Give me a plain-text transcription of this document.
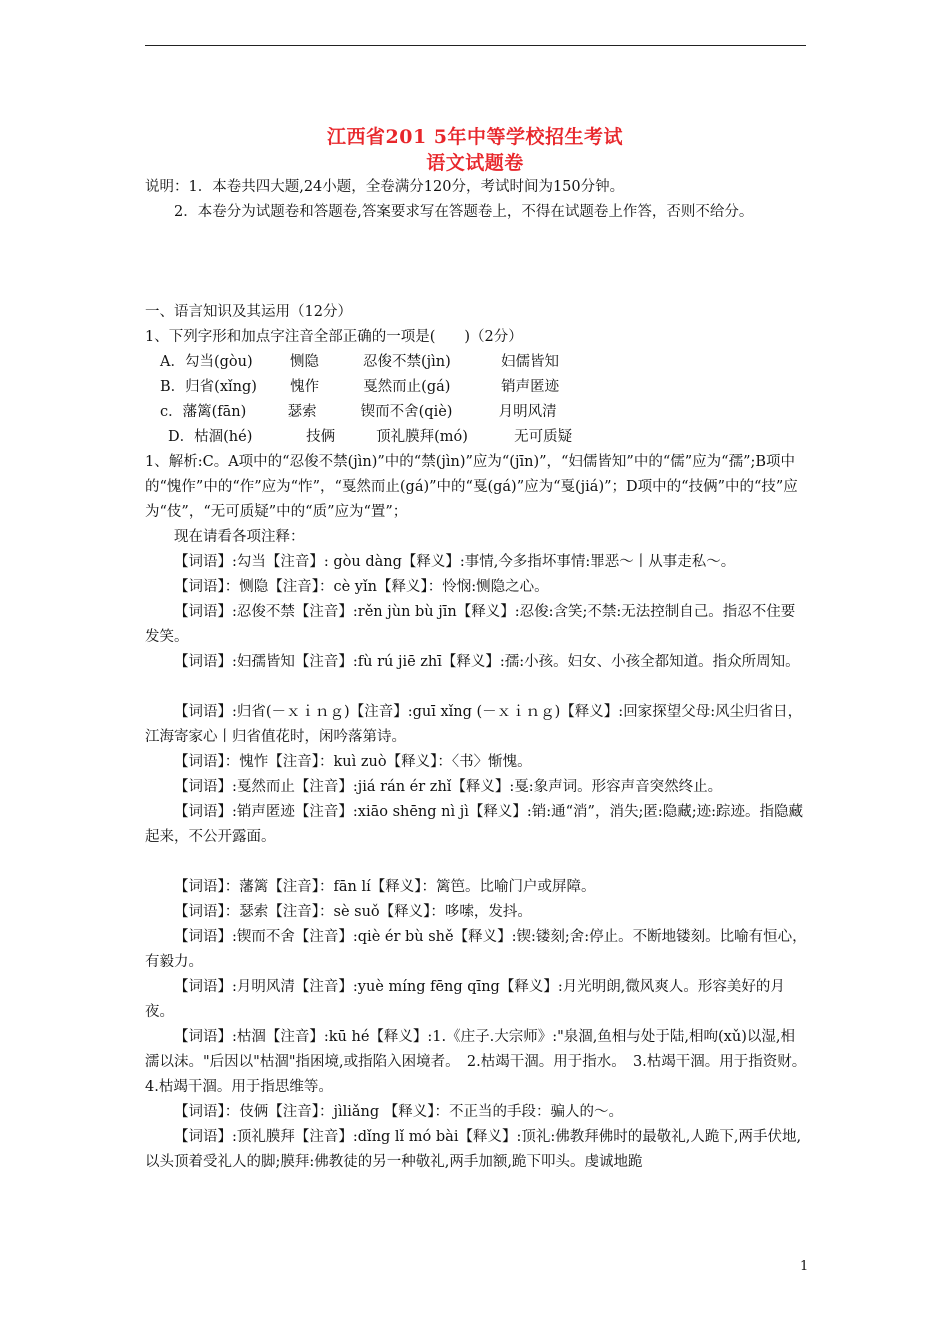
江西省201 5年中等学校招生考试
语文试题卷

说明：1．本卷共四大题,24小题，全卷满分120分，考试时间为150分钟。

2．本卷分为试题卷和答题卷,答案要求写在答题卷上，不得在试题卷上作答，否则不给分。

一、语言知识及其运用（12分）

1、下列字形和加点字注音全部正确的一项是(　　)（2分）

A．勾当(gòu)	恻隐	忍俊不禁(jìn)	妇儒皆知

B．归省(xǐng) 愧作	戛然而止(gá)	销声匿迹

c．藩篱(fān)	瑟索	锲而不舍(qiè)	月明风清

D．枯涸(hé)	技俩	顶礼膜拜(mó)	无可质疑

1、解析:C。A项中的“忍俊不禁(jìn)”中的“禁(jìn)”应为“(jīn)”，“妇儒皆知”中的“儒”应为“孺”;B项中的“愧作”中的“作”应为“怍”，“戛然而止(gá)”中的“戛(gá)”应为“戛(jiá)”；D项中的“技俩”中的“技”应为“伎”，“无可质疑”中的“质”应为“置”；

现在请看各项注释：

【词语】:勾当【注音】: gòu dàng【释义】:事情,今多指坏事情:罪恶～丨从事走私～。

【词语】：恻隐【注音】：cè yǐn【释义】：怜悯:恻隐之心。

【词语】:忍俊不禁【注音】:rěn jùn bù jīn【释义】:忍俊:含笑;不禁:无法控制自己。指忍不住要发笑。

【词语】:妇孺皆知【注音】:fù rú jiē zhī【释义】:孺:小孩。妇女、小孩全都知道。指众所周知。

【词语】:归省(－ｘｉｎｇ)【注音】:guī xǐng (－ｘｉｎｇ)【释义】:回家探望父母:风尘归省日，江海寄家心丨归省值花时，闲吟落第诗。

【词语】：愧怍【注音】：kuì zuò【释义】：〈书〉惭愧。

【词语】:戛然而止【注音】:jiá rán ér zhǐ【释义】:戛:象声词。形容声音突然终止。

【词语】:销声匿迹【注音】:xiāo shēng nì jì【释义】:销:通“消”，消失;匿:隐藏;迹:踪迹。指隐藏起来，不公开露面。

【词语】：藩篱【注音】：fān lí【释义】：篱笆。比喻门户或屏障。

【词语】：瑟索【注音】：sè suǒ【释义】：哆嗦，发抖。

【词语】:锲而不舍【注音】:qiè ér bù shě【释义】:锲:镂刻;舍:停止。不断地镂刻。比喻有恒心，有毅力。

【词语】:月明风清【注音】:yuè míng fēng qīng【释义】:月光明朗,微风爽人。形容美好的月夜。

【词语】:枯涸【注音】:kū hé【释义】:1.《庄子.大宗师》:"泉涸,鱼相与处于陆,相呴(xǔ)以湿,相濡以沫。"后因以"枯涸"指困境,或指陷入困境者。　2.枯竭干涸。用于指水。　3.枯竭干涸。用于指资财。　4.枯竭干涸。用于指思维等。

【词语】：伎俩【注音】：jìliǎng 【释义】：不正当的手段：骗人的～。

【词语】:顶礼膜拜【注音】:dǐng lǐ mó bài【释义】:顶礼:佛教拜佛时的最敬礼,人跪下,两手伏地,以头顶着受礼人的脚;膜拜:佛教徒的另一种敬礼,两手加额,跪下叩头。虔诚地跪

1
